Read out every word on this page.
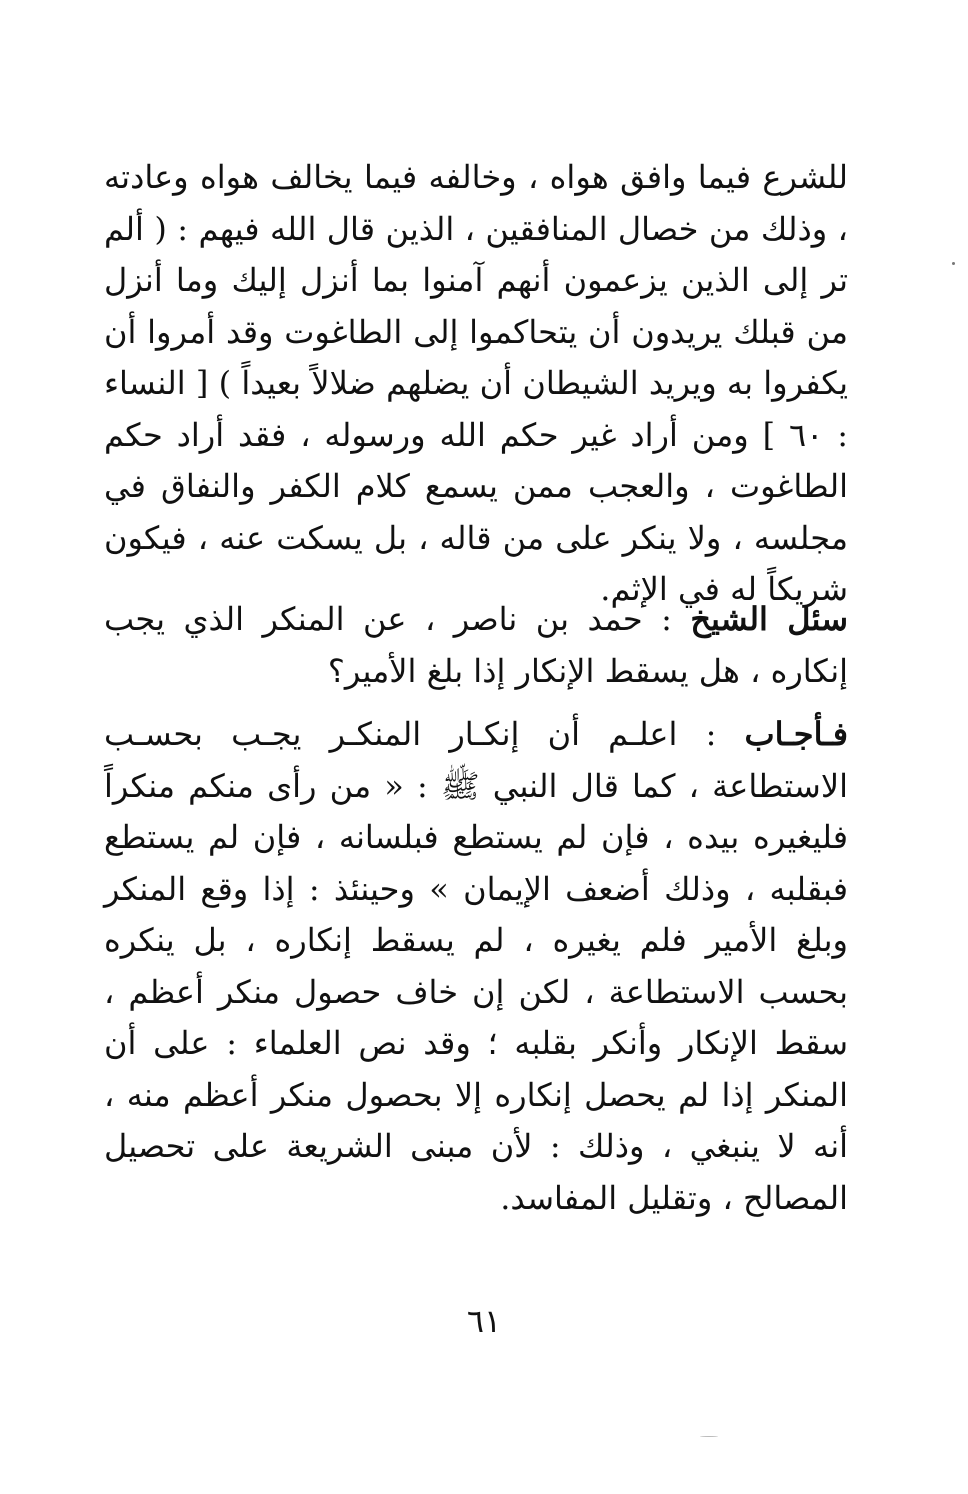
للشرع فيما وافق هواه ، وخالفه فيما يخالف هواه وعادته ، وذلك من خصال المنافقين ، الذين قال الله فيهم : ( ألم تر إلى الذين يزعمون أنهم آمنوا بما أنزل إليك وما أنزل من قبلك يريدون أن يتحاكموا إلى الطاغوت وقد أمروا أن يكفروا به ويريد الشيطان أن يضلهم ضلالاً بعيداً ) [ النساء : ٦٠ ] ومن أراد غير حكم الله ورسوله ، فقد أراد حكم الطاغوت ، والعجب ممن يسمع كلام الكفر والنفاق في مجلسه ، ولا ينكر على من قاله ، بل يسكت عنه ، فيكون شريكاً له في الإثم.

سئل الشيخ : حمد بن ناصر ، عن المنكر الذي يجب إنكاره ، هل يسقط الإنكار إذا بلغ الأمير؟

فـأجـاب : اعلـم أن إنكـار المنكـر يجـب بحسـب الاستطاعة ، كما قال النبي ﷺ : « من رأى منكم منكراً فليغيره بيده ، فإن لم يستطع فبلسانه ، فإن لم يستطع فبقلبه ، وذلك أضعف الإيمان » وحينئذ : إذا وقع المنكر وبلغ الأمير فلم يغيره ، لم يسقط إنكاره ، بل ينكره بحسب الاستطاعة ، لكن إن خاف حصول منكر أعظم ، سقط الإنكار وأنكر بقلبه ؛ وقد نص العلماء : على أن المنكر إذا لم يحصل إنكاره إلا بحصول منكر أعظم منه ، أنه لا ينبغي ، وذلك : لأن مبنى الشريعة على تحصيل المصالح ، وتقليل المفاسد.

٦١
